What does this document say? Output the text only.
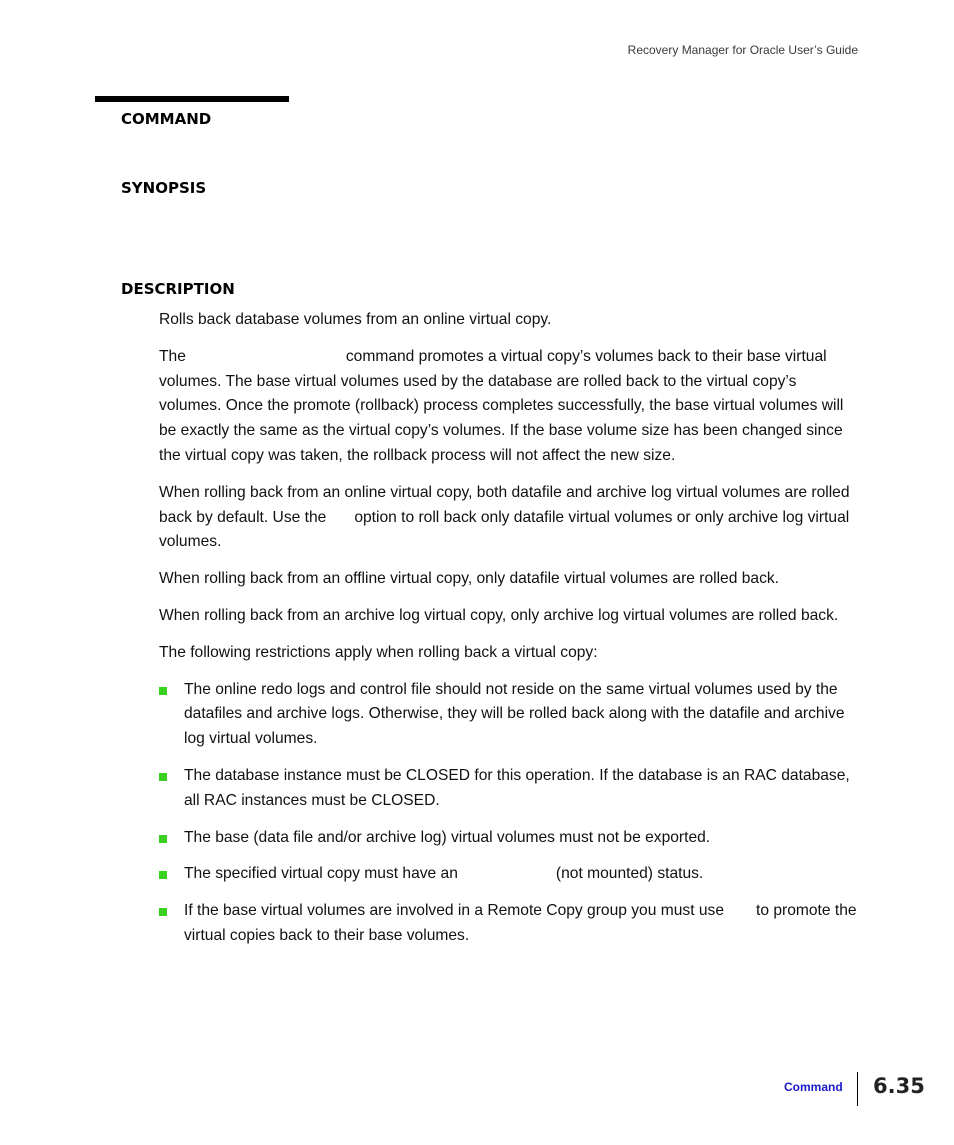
Recovery Manager for Oracle User’s Guide
COMMAND
SYNOPSIS
DESCRIPTION

Rolls back database volumes from an online virtual copy.

The	command promotes a virtual copy’s volumes back to their base virtual volumes. The base virtual volumes used by the database are rolled back to the virtual copy’s volumes. Once the promote (rollback) process completes successfully, the base virtual volumes will be exactly the same as the virtual copy’s volumes. If the base volume size has been changed since the virtual copy was taken, the rollback process will not affect the new size.

When rolling back from an online virtual copy, both datafile and archive log virtual volumes are rolled back by default. Use the option to roll back only datafile virtual volumes or only archive log virtual volumes.

When rolling back from an offline virtual copy, only datafile virtual volumes are rolled back.

When rolling back from an archive log virtual copy, only archive log virtual volumes are rolled back.

The following restrictions apply when rolling back a virtual copy:

The online redo logs and control file should not reside on the same virtual volumes used by the datafiles and archive logs. Otherwise, they will be rolled back along with the datafile and archive log virtual volumes.
The database instance must be CLOSED for this operation. If the database is an RAC database, all RAC instances must be CLOSED.
The base (data file and/or archive log) virtual volumes must not be exported.
The specified virtual copy must have an	(not mounted) status.
If the base virtual volumes are involved in a Remote Copy group you must use to promote the virtual copies back to their base volumes.
Command 6.35
